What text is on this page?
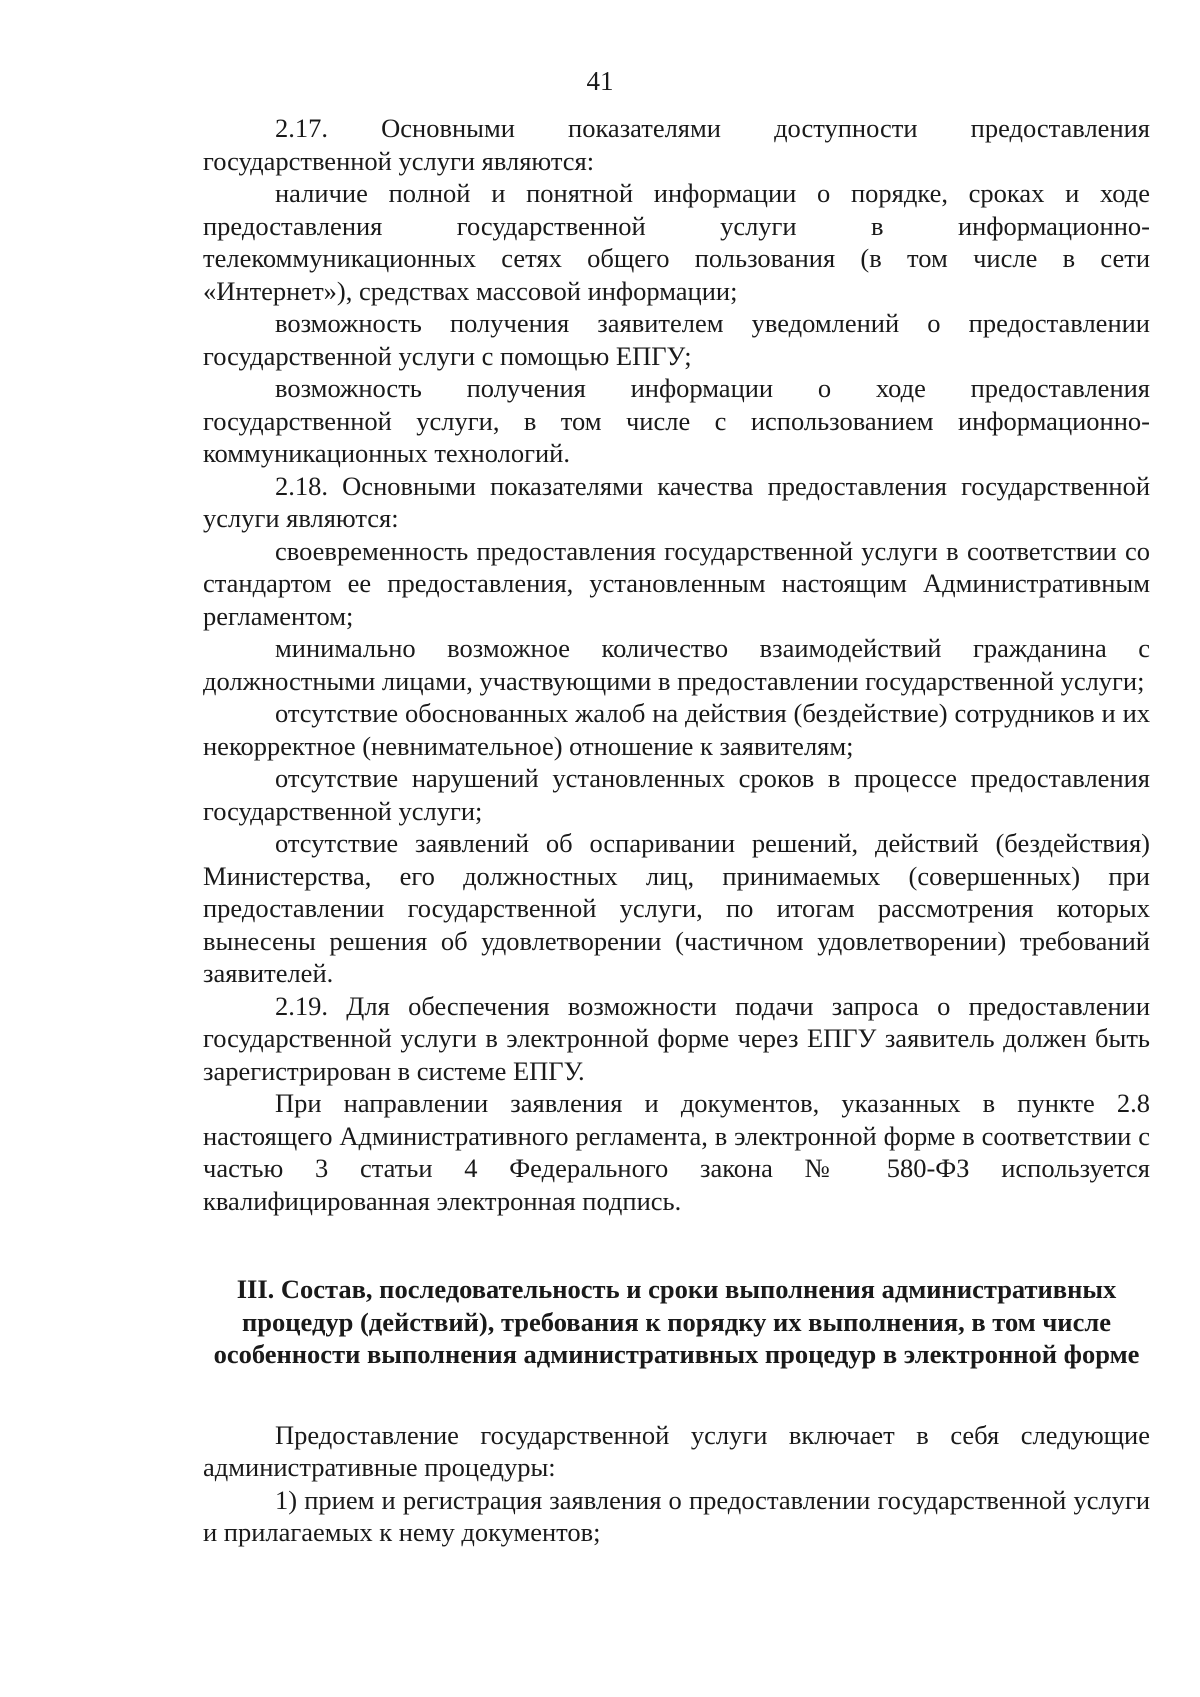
41

2.17. Основными показателями доступности предоставления государственной услуги являются:

наличие полной и понятной информации о порядке, сроках и ходе предоставления государственной услуги в информационно-телекоммуникационных сетях общего пользования (в том числе в сети «Интернет»), средствах массовой информации;

возможность получения заявителем уведомлений о предоставлении государственной услуги с помощью ЕПГУ;

возможность получения информации о ходе предоставления государственной услуги, в том числе с использованием информационно-коммуникационных технологий.

2.18. Основными показателями качества предоставления государственной услуги являются:

своевременность предоставления государственной услуги в соответствии со стандартом ее предоставления, установленным настоящим Административным регламентом;

минимально возможное количество взаимодействий гражданина с должностными лицами, участвующими в предоставлении государственной услуги;

отсутствие обоснованных жалоб на действия (бездействие) сотрудников и их некорректное (невнимательное) отношение к заявителям;

отсутствие нарушений установленных сроков в процессе предоставления государственной услуги;

отсутствие заявлений об оспаривании решений, действий (бездействия) Министерства, его должностных лиц, принимаемых (совершенных) при предоставлении государственной услуги, по итогам рассмотрения которых вынесены решения об удовлетворении (частичном удовлетворении) требований заявителей.

2.19. Для обеспечения возможности подачи запроса о предоставлении государственной услуги в электронной форме через ЕПГУ заявитель должен быть зарегистрирован в системе ЕПГУ.

При направлении заявления и документов, указанных в пункте 2.8 настоящего Административного регламента, в электронной форме в соответствии с частью 3 статьи 4 Федерального закона № 580-ФЗ используется квалифицированная электронная подпись.

III. Состав, последовательность и сроки выполнения административных процедур (действий), требования к порядку их выполнения, в том числе особенности выполнения административных процедур в электронной форме

Предоставление государственной услуги включает в себя следующие административные процедуры:

1) прием и регистрация заявления о предоставлении государственной услуги и прилагаемых к нему документов;
